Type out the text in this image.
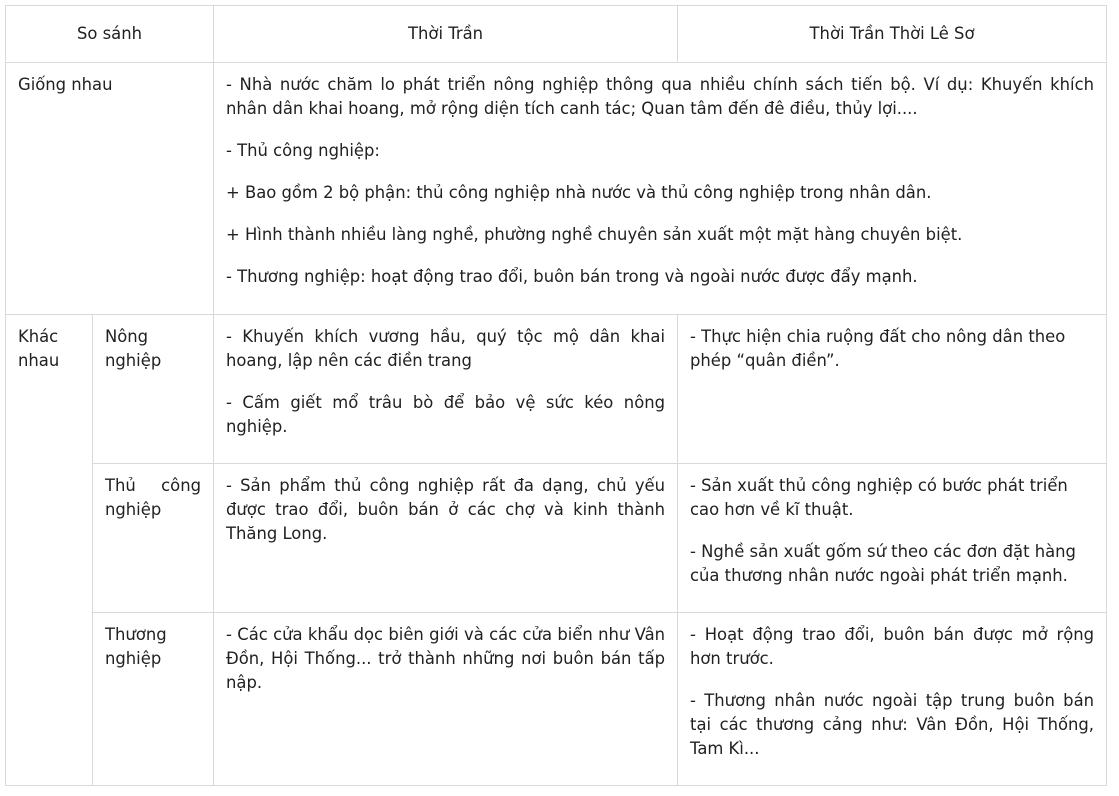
So sánh		Thời Trần	Thời Trần Thời Lê Sơ
Giống nhau		- Nhà nước chăm lo phát triển nông nghiệp thông qua nhiều chính sách tiến bộ. Ví dụ: Khuyến khích nhân dân khai hoang, mở rộng diện tích canh tác; Quan tâm đến đê điều, thủy lợi....

- Thủ công nghiệp:

+ Bao gồm 2 bộ phận: thủ công nghiệp nhà nước và thủ công nghiệp trong nhân dân.

+ Hình thành nhiều làng nghề, phường nghề chuyên sản xuất một mặt hàng chuyên biệt.

- Thương nghiệp: hoạt động trao đổi, buôn bán trong và ngoài nước được đẩy mạnh.	

Khác nhau	Nông nghiệp	- Khuyến khích vương hầu, quý tộc mộ dân khai hoang, lập nên các điền trang

- Cấm giết mổ trâu bò để bảo vệ sức kéo nông nghiệp.	- Thực hiện chia ruộng đất cho nông dân theo phép “quân điền”.

	Thủ công nghiệp	- Sản phẩm thủ công nghiệp rất đa dạng, chủ yếu được trao đổi, buôn bán ở các chợ và kinh thành Thăng Long.	- Sản xuất thủ công nghiệp có bước phát triển cao hơn về kĩ thuật.

- Nghề sản xuất gốm sứ theo các đơn đặt hàng của thương nhân nước ngoài phát triển mạnh.

	Thương nghiệp	- Các cửa khẩu dọc biên giới và các cửa biển như Vân Đồn, Hội Thống... trở thành những nơi buôn bán tấp nập.	- Hoạt động trao đổi, buôn bán được mở rộng hơn trước.

- Thương nhân nước ngoài tập trung buôn bán tại các thương cảng như: Vân Đồn, Hội Thống, Tam Kì...
